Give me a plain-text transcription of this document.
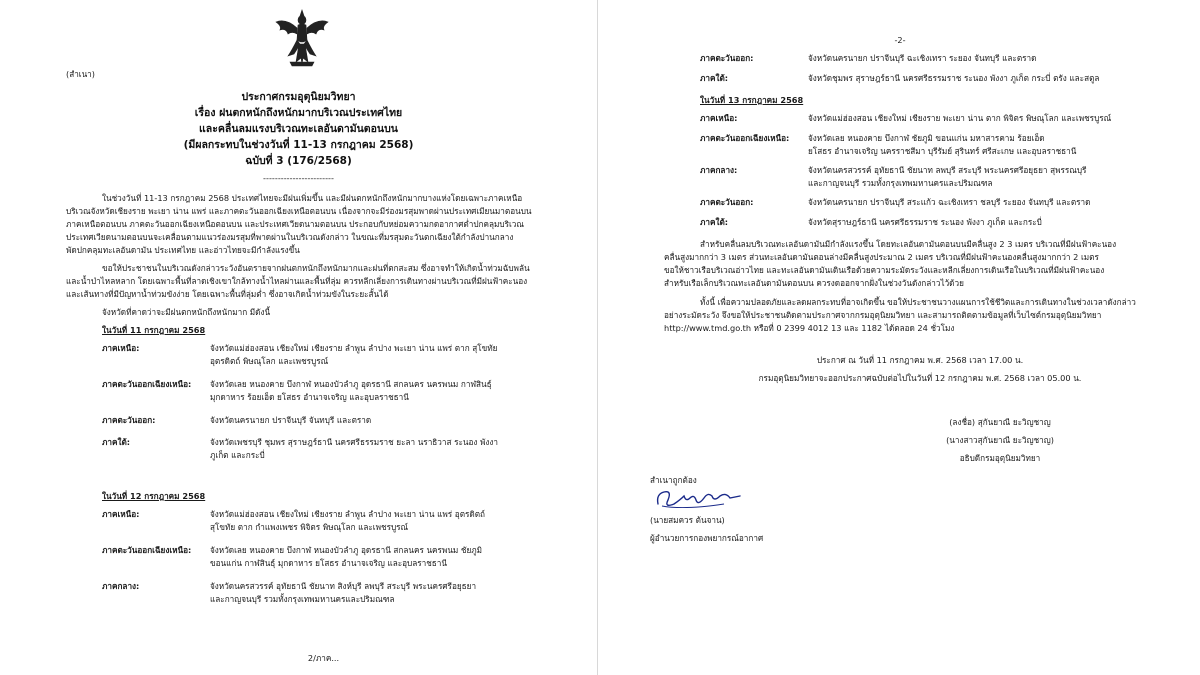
(สำเนา)
ประกาศกรมอุตุนิยมวิทยา
เรื่อง ฝนตกหนักถึงหนักมากบริเวณประเทศไทย
และคลื่นลมแรงบริเวณทะเลอันดามันตอนบน
(มีผลกระทบในช่วงวันที่ 11-13 กรกฎาคม 2568)
ฉบับที่ 3 (176/2568)
------------------------
ในช่วงวันที่ 11-13 กรกฎาคม 2568 ประเทศไทยจะมีฝนเพิ่มขึ้น และมีฝนตกหนักถึงหนักมากบางแห่งโดยเฉพาะภาคเหนือ
บริเวณจังหวัดเชียงราย พะเยา น่าน แพร่ และภาคตะวันออกเฉียงเหนือตอนบน เนื่องจากจะมีร่องมรสุมพาดผ่านประเทศเมียนมาตอนบน
ภาคเหนือตอนบน ภาคตะวันออกเฉียงเหนือตอนบน และประเทศเวียดนามตอนบน ประกอบกับหย่อมความกดอากาศต่ำปกคลุมบริเวณ
ประเทศเวียดนามตอนบนจะเคลื่อนตามแนวร่องมรสุมที่พาดผ่านในบริเวณดังกล่าว ในขณะที่มรสุมตะวันตกเฉียงใต้กำลังปานกลาง
พัดปกคลุมทะเลอันดามัน ประเทศไทย และอ่าวไทยจะมีกำลังแรงขึ้น
ขอให้ประชาชนในบริเวณดังกล่าวระวังอันตรายจากฝนตกหนักถึงหนักมากและฝนที่ตกสะสม ซึ่งอาจทำให้เกิดน้ำท่วมฉับพลัน
และน้ำป่าไหลหลาก โดยเฉพาะพื้นที่ลาดเชิงเขาใกล้ทางน้ำไหลผ่านและพื้นที่ลุ่ม ควรหลีกเลี่ยงการเดินทางผ่านบริเวณที่มีฝนฟ้าคะนอง
และเส้นทางที่มีปัญหาน้ำท่วมขังง่าย โดยเฉพาะพื้นที่ลุ่มต่ำ ซึ่งอาจเกิดน้ำท่วมขังในระยะสั้นได้
จังหวัดที่คาดว่าจะมีฝนตกหนักถึงหนักมาก มีดังนี้
ในวันที่ 11 กรกฎาคม 2568
ภาคเหนือ:	จังหวัดแม่ฮ่องสอน เชียงใหม่ เชียงราย ลำพูน ลำปาง พะเยา น่าน แพร่ ตาก สุโขทัย
อุตรดิตถ์ พิษณุโลก และเพชรบูรณ์
ภาคตะวันออกเฉียงเหนือ: จังหวัดเลย หนองคาย บึงกาฬ หนองบัวลำภู อุดรธานี สกลนคร นครพนม กาฬสินธุ์
มุกดาหาร ร้อยเอ็ด ยโสธร อำนาจเจริญ และอุบลราชธานี
ภาคตะวันออก:	จังหวัดนครนายก ปราจีนบุรี จันทบุรี และตราด
ภาคใต้:	จังหวัดเพชรบุรี ชุมพร สุราษฎร์ธานี นครศรีธรรมราช ยะลา นราธิวาส ระนอง พังงา
ภูเก็ต และกระบี่
ในวันที่ 12 กรกฎาคม 2568
ภาคเหนือ:	จังหวัดแม่ฮ่องสอน เชียงใหม่ เชียงราย ลำพูน ลำปาง พะเยา น่าน แพร่ อุตรดิตถ์
สุโขทัย ตาก กำแพงเพชร พิจิตร พิษณุโลก และเพชรบูรณ์
ภาคตะวันออกเฉียงเหนือ: จังหวัดเลย หนองคาย บึงกาฬ หนองบัวลำภู อุดรธานี สกลนคร นครพนม ชัยภูมิ
ขอนแก่น กาฬสินธุ์ มุกดาหาร ยโสธร อำนาจเจริญ และอุบลราชธานี
ภาคกลาง:	จังหวัดนครสวรรค์ อุทัยธานี ชัยนาท สิงห์บุรี ลพบุรี สระบุรี พระนครศรีอยุธยา
และกาญจนบุรี รวมทั้งกรุงเทพมหานครและปริมณฑล
2/ภาค...
-2-
ภาคตะวันออก:	จังหวัดนครนายก ปราจีนบุรี ฉะเชิงเทรา ระยอง จันทบุรี และตราด
ภาคใต้:	จังหวัดชุมพร สุราษฎร์ธานี นครศรีธรรมราช ระนอง พังงา ภูเก็ต กระบี่ ตรัง และสตูล
ในวันที่ 13 กรกฎาคม 2568
ภาคเหนือ:	จังหวัดแม่ฮ่องสอน เชียงใหม่ เชียงราย พะเยา น่าน ตาก พิจิตร พิษณุโลก และเพชรบูรณ์
ภาคตะวันออกเฉียงเหนือ: จังหวัดเลย หนองคาย บึงกาฬ ชัยภูมิ ขอนแก่น มหาสารคาม ร้อยเอ็ด
ยโสธร อำนาจเจริญ นครราชสีมา บุรีรัมย์ สุรินทร์ ศรีสะเกษ และอุบลราชธานี
ภาคกลาง:	จังหวัดนครสวรรค์ อุทัยธานี ชัยนาท ลพบุรี สระบุรี พระนครศรีอยุธยา สุพรรณบุรี
และกาญจนบุรี รวมทั้งกรุงเทพมหานครและปริมณฑล
ภาคตะวันออก:	จังหวัดนครนายก ปราจีนบุรี สระแก้ว ฉะเชิงเทรา ชลบุรี ระยอง จันทบุรี และตราด
ภาคใต้:	จังหวัดสุราษฎร์ธานี นครศรีธรรมราช ระนอง พังงา ภูเก็ต และกระบี่
สำหรับคลื่นลมบริเวณทะเลอันดามันมีกำลังแรงขึ้น โดยทะเลอันดามันตอนบนมีคลื่นสูง 2 3 เมตร บริเวณที่มีฝนฟ้าคะนอง
คลื่นสูงมากกว่า 3 เมตร ส่วนทะเลอันดามันตอนล่างมีคลื่นสูงประมาณ 2 เมตร บริเวณที่มีฝนฟ้าคะนองคลื่นสูงมากกว่า 2 เมตร
ขอให้ชาวเรือบริเวณอ่าวไทย และทะเลอันดามันเดินเรือด้วยความระมัดระวังและหลีกเลี่ยงการเดินเรือในบริเวณที่มีฝนฟ้าคะนอง
สำหรับเรือเล็กบริเวณทะเลอันดามันตอนบน ควรงดออกจากฝั่งในช่วงวันดังกล่าวไว้ด้วย
ทั้งนี้ เพื่อความปลอดภัยและลดผลกระทบที่อาจเกิดขึ้น ขอให้ประชาชนวางแผนการใช้ชีวิตและการเดินทางในช่วงเวลาดังกล่าว
อย่างระมัดระวัง จึงขอให้ประชาชนติดตามประกาศจากกรมอุตุนิยมวิทยา และสามารถติดตามข้อมูลที่เว็บไซต์กรมอุตุนิยมวิทยา
http://www.tmd.go.th หรือที่ 0 2399 4012 13 และ 1182 ได้ตลอด 24 ชั่วโมง
ประกาศ ณ วันที่ 11 กรกฎาคม พ.ศ. 2568 เวลา 17.00 น.
กรมอุตุนิยมวิทยาจะออกประกาศฉบับต่อไปในวันที่ 12 กรกฎาคม พ.ศ. 2568 เวลา 05.00 น.
(ลงชื่อ) สุกันยาณี ยะวิญชาญ
(นางสาวสุกันยาณี ยะวิญชาญ)
อธิบดีกรมอุตุนิยมวิทยา
สำเนาถูกต้อง
(นายสมควร ต้นจาน)
ผู้อำนวยการกองพยากรณ์อากาศ
